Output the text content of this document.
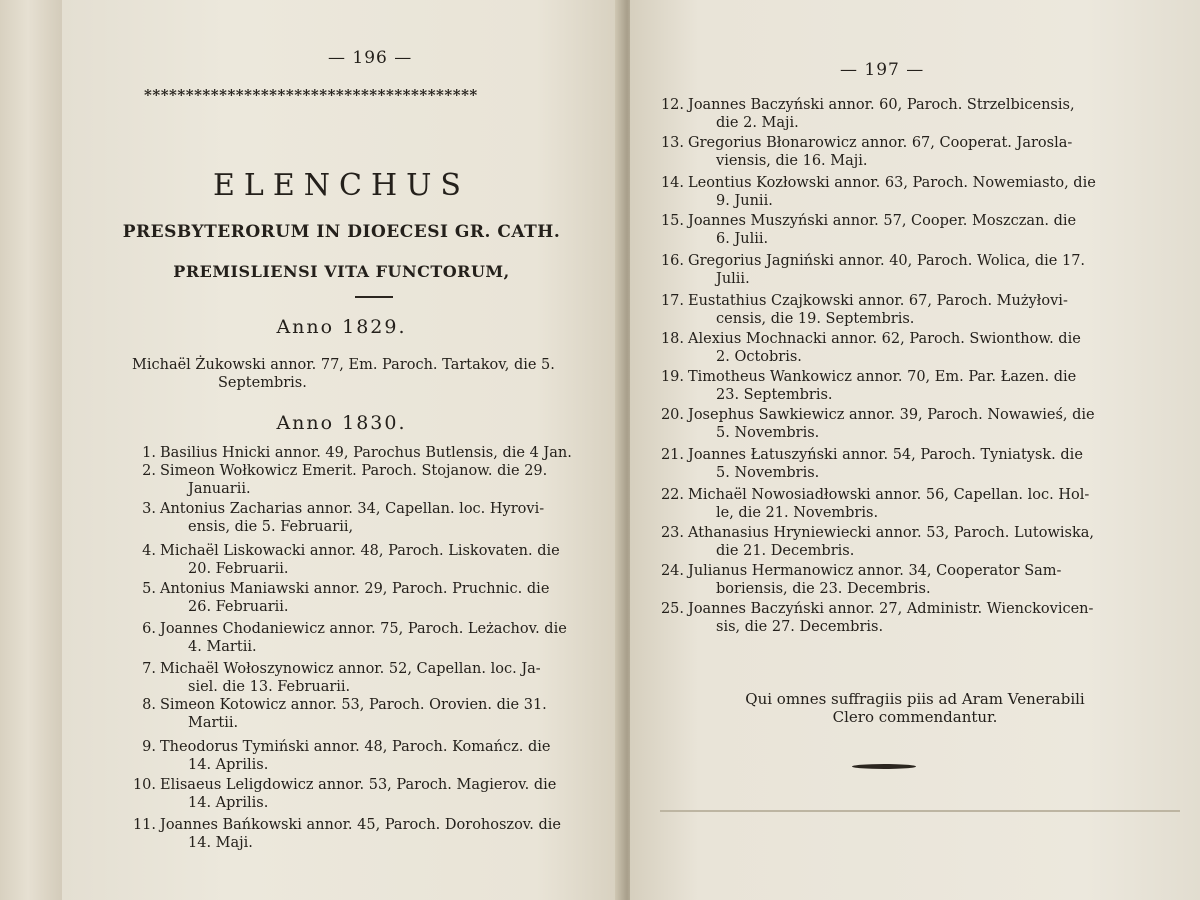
— 196 —
****************************************
ELENCHUS
PRESBYTERORUM IN DIOECESI GR. CATH.
PREMISLIENSI VITA FUNCTORUM,
Anno 1829.
Michaël Żukowski annor. 77, Em. Paroch. Tartakov, die 5.
Septembris.
Anno 1830.
1. Basilius Hnicki annor. 49, Parochus Butlensis, die 4 Jan.
2. Simeon Wołkowicz Emerit. Paroch. Stojanow. die 29.
Januarii.
3. Antonius Zacharias annor. 34, Capellan. loc. Hyrovi-
ensis, die 5. Februarii,
4. Michaël Liskowacki annor. 48, Paroch. Liskovaten. die
20. Februarii.
5. Antonius Maniawski annor. 29, Paroch. Pruchnic. die
26. Februarii.
6. Joannes Chodaniewicz annor. 75, Paroch. Leżachov. die
4. Martii.
7. Michaël Wołoszynowicz annor. 52, Capellan. loc. Ja-
siel. die 13. Februarii.
8. Simeon Kotowicz annor. 53, Paroch. Orovien. die 31.
Martii.
9. Theodorus Tymiński annor. 48, Paroch. Komańcz. die
14. Aprilis.
10. Elisaeus Leligdowicz annor. 53, Paroch. Magierov. die
14. Aprilis.
11. Joannes Bańkowski annor. 45, Paroch. Dorohoszov. die
14. Maji.
— 197 —
12. Joannes Baczyński annor. 60, Paroch. Strzelbicensis,
die 2. Maji.
13. Gregorius Błonarowicz annor. 67, Cooperat. Jarosla-
viensis, die 16. Maji.
14. Leontius Kozłowski annor. 63, Paroch. Nowemiasto, die
9. Junii.
15. Joannes Muszyński annor. 57, Cooper. Moszczan. die
6. Julii.
16. Gregorius Jagniński annor. 40, Paroch. Wolica, die 17.
Julii.
17. Eustathius Czajkowski annor. 67, Paroch. Mużyłovi-
censis, die 19. Septembris.
18. Alexius Mochnacki annor. 62, Paroch. Swionthow. die
2. Octobris.
19. Timotheus Wankowicz annor. 70, Em. Par. Łazen. die
23. Septembris.
20. Josephus Sawkiewicz annor. 39, Paroch. Nowawieś, die
5. Novembris.
21. Joannes Łatuszyński annor. 54, Paroch. Tyniatysk. die
5. Novembris.
22. Michaël Nowosiadłowski annor. 56, Capellan. loc. Hol-
le, die 21. Novembris.
23. Athanasius Hryniewiecki annor. 53, Paroch. Lutowiska,
die 21. Decembris.
24. Julianus Hermanowicz annor. 34, Cooperator Sam-
boriensis, die 23. Decembris.
25. Joannes Baczyński annor. 27, Administr. Wienckovicen-
sis, die 27. Decembris.
Qui omnes suffragiis piis ad Aram Venerabili
Clero commendantur.
